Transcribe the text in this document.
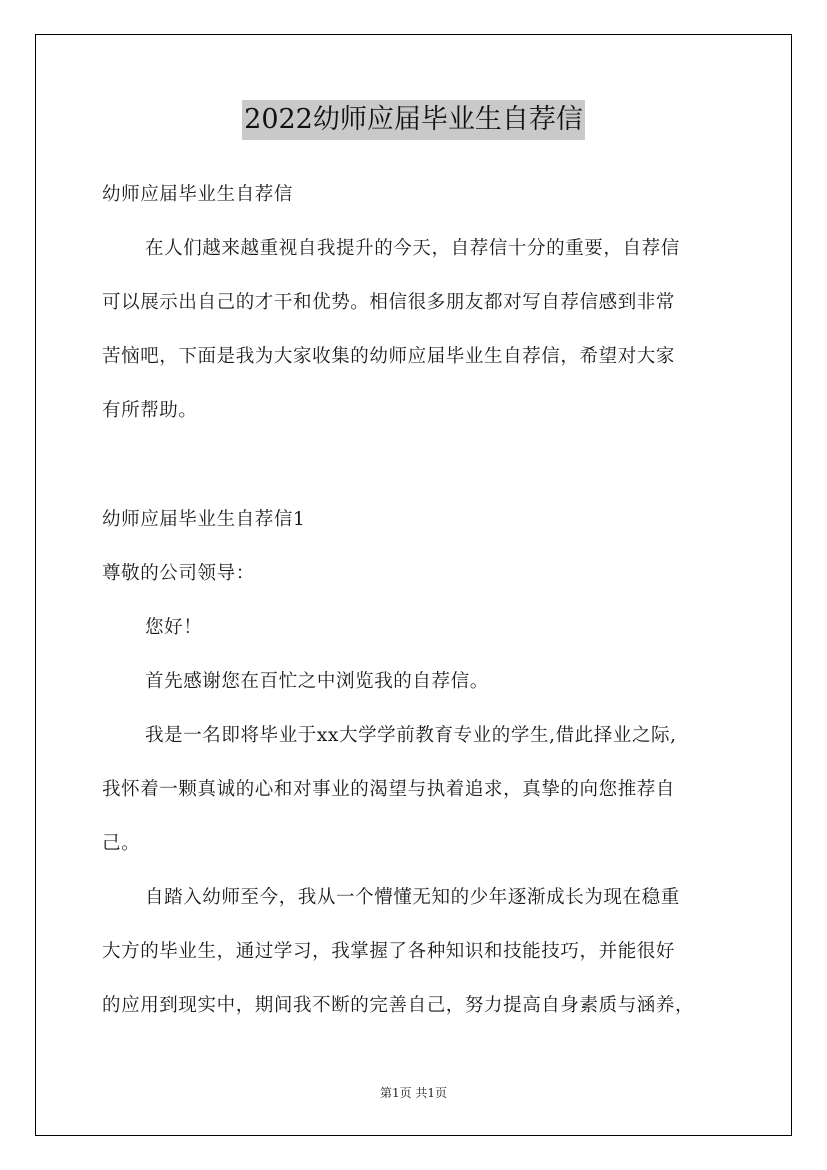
2022幼师应届毕业生自荐信
幼师应届毕业生自荐信
在人们越来越重视自我提升的今天，自荐信十分的重要，自荐信
可以展示出自己的才干和优势。相信很多朋友都对写自荐信感到非常
苦恼吧，下面是我为大家收集的幼师应届毕业生自荐信，希望对大家
有所帮助。
幼师应届毕业生自荐信1
尊敬的公司领导：
您好！
首先感谢您在百忙之中浏览我的自荐信。
我是一名即将毕业于xx大学学前教育专业的学生,借此择业之际,
我怀着一颗真诚的心和对事业的渴望与执着追求，真挚的向您推荐自
己。
自踏入幼师至今，我从一个懵懂无知的少年逐渐成长为现在稳重
大方的毕业生，通过学习，我掌握了各种知识和技能技巧，并能很好
的应用到现实中，期间我不断的完善自己，努力提高自身素质与涵养，
第1页 共1页
